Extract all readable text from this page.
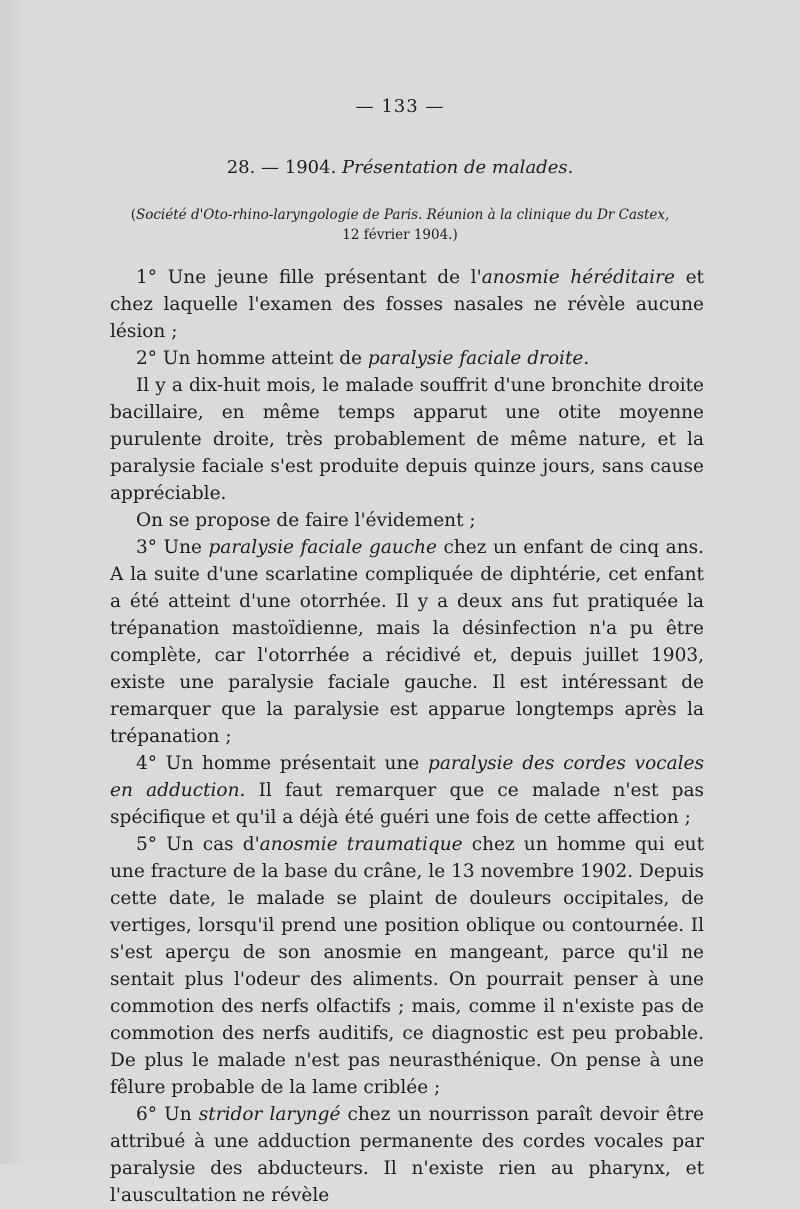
— 133 —
28. — 1904. Présentation de malades.
(Société d'Oto-rhino-laryngologie de Paris. Réunion à la clinique du Dr Castex,
12 février 1904.)

1° Une jeune fille présentant de l'anosmie héréditaire et chez laquelle l'examen des fosses nasales ne révèle aucune lésion ;

2° Un homme atteint de paralysie faciale droite.

Il y a dix-huit mois, le malade souffrit d'une bronchite droite bacillaire, en même temps apparut une otite moyenne purulente droite, très probablement de même nature, et la paralysie faciale s'est produite depuis quinze jours, sans cause appréciable.

On se propose de faire l'évidement ;

3° Une paralysie faciale gauche chez un enfant de cinq ans. A la suite d'une scarlatine compliquée de diphtérie, cet enfant a été atteint d'une otorrhée. Il y a deux ans fut pratiquée la trépanation mastoïdienne, mais la désinfection n'a pu être complète, car l'otorrhée a récidivé et, depuis juillet 1903, existe une paralysie faciale gauche. Il est intéressant de remarquer que la paralysie est apparue longtemps après la trépanation ;

4° Un homme présentait une paralysie des cordes vocales en adduction. Il faut remarquer que ce malade n'est pas spécifique et qu'il a déjà été guéri une fois de cette affection ;

5° Un cas d'anosmie traumatique chez un homme qui eut une fracture de la base du crâne, le 13 novembre 1902. Depuis cette date, le malade se plaint de douleurs occipitales, de vertiges, lorsqu'il prend une position oblique ou contournée. Il s'est aperçu de son anosmie en mangeant, parce qu'il ne sentait plus l'odeur des aliments. On pourrait penser à une commotion des nerfs olfactifs ; mais, comme il n'existe pas de commotion des nerfs auditifs, ce diagnostic est peu probable. De plus le malade n'est pas neurasthénique. On pense à une fêlure probable de la lame criblée ;

6° Un stridor laryngé chez un nourrisson paraît devoir être attribué à une adduction permanente des cordes vocales par paralysie des abducteurs. Il n'existe rien au pharynx, et l'auscultation ne révèle
